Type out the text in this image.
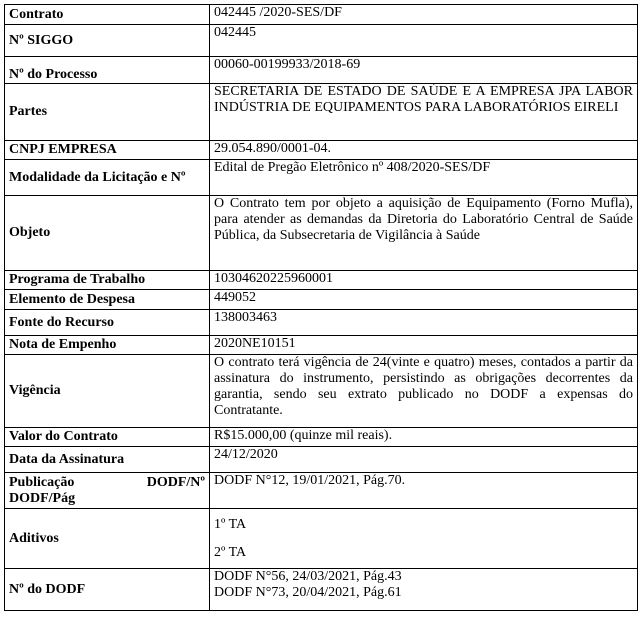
Contrato	042445 /2020-SES/DF
Nº SIGGO	042445
Nº do Processo	00060-00199933/2018-69
Partes	SECRETARIA DE ESTADO DE SAÚDE E A EMPRESA JPA LABOR INDÚSTRIA DE EQUIPAMENTOS PARA LABORATÓRIOS EIRELI
CNPJ EMPRESA	29.054.890/0001-04.
Modalidade da Licitação e Nº	Edital de Pregão Eletrônico nº 408/2020-SES/DF
Objeto	O Contrato tem por objeto a aquisição de Equipamento (Forno Mufla), para atender as demandas da Diretoria do Laboratório Central de Saúde Pública, da Subsecretaria de Vigilância à Saúde
Programa de Trabalho	10304620225960001
Elemento de Despesa	449052
Fonte do Recurso	138003463
Nota de Empenho	2020NE10151
Vigência	O contrato terá vigência de 24(vinte e quatro) meses, contados a partir da assinatura do instrumento, persistindo as obrigações decorrentes da garantia, sendo seu extrato publicado no DODF a expensas do Contratante.
Valor do Contrato	R$15.000,00 (quinze mil reais).
Data da Assinatura	24/12/2020
Publicação DODF/Nº DODF/Pág	DODF N°12, 19/01/2021, Pág.70.
Aditivos	1º TA
2º TA

Nº do DODF	DODF N°56, 24/03/2021, Pág.43
DODF N°73, 20/04/2021, Pág.61
